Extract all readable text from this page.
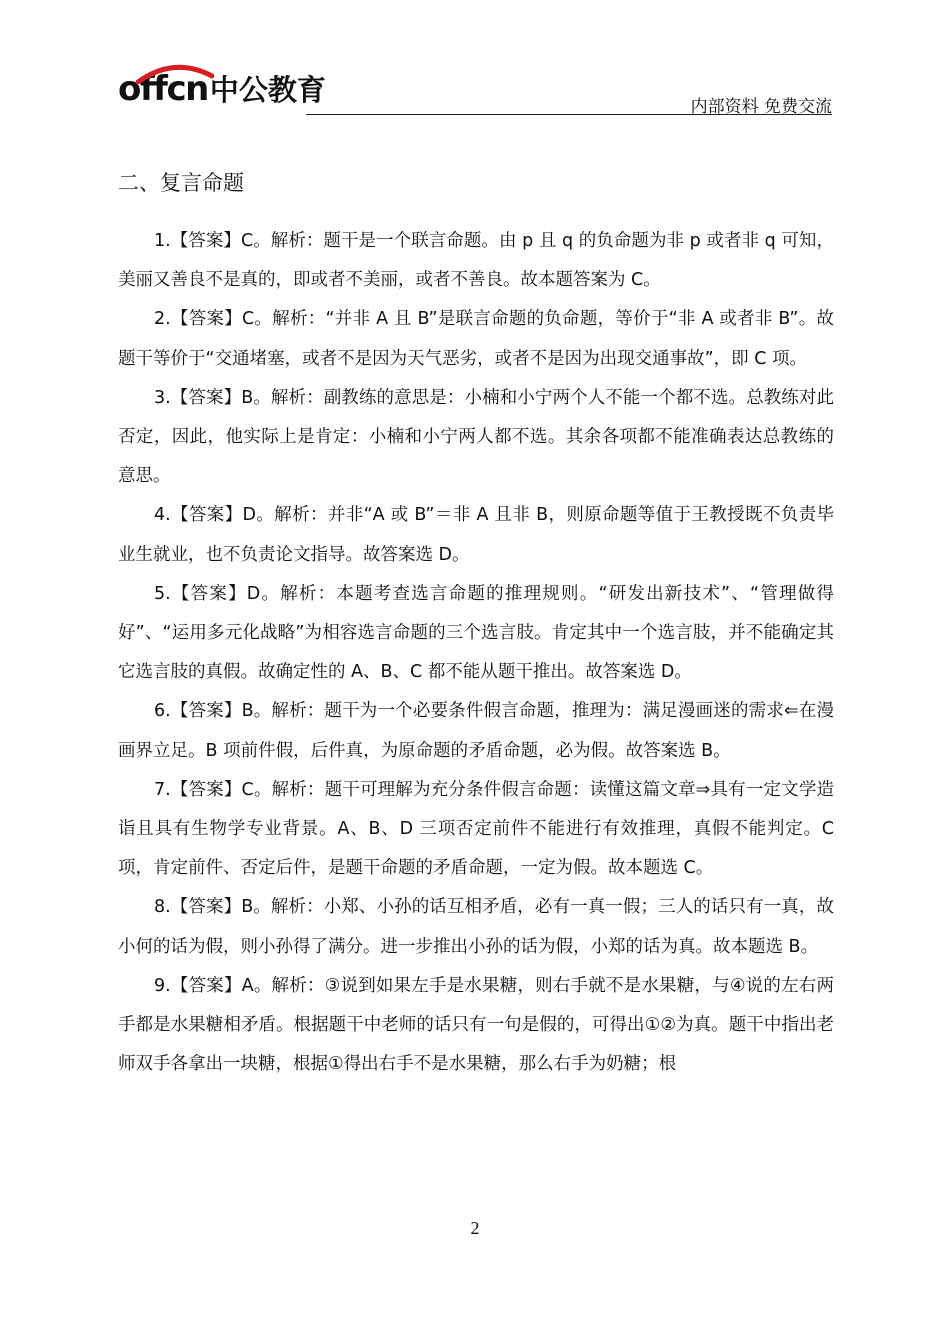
offcn中公教育	内部资料 免费交流
二、复言命题

1.【答案】C。解析：题干是一个联言命题。由 p 且 q 的负命题为非 p 或者非 q 可知，美丽又善良不是真的，即或者不美丽，或者不善良。故本题答案为 C。

2.【答案】C。解析：“并非 A 且 B”是联言命题的负命题，等价于“非 A 或者非 B”。故题干等价于“交通堵塞，或者不是因为天气恶劣，或者不是因为出现交通事故”，即 C 项。

3.【答案】B。解析：副教练的意思是：小楠和小宁两个人不能一个都不选。总教练对此否定，因此，他实际上是肯定：小楠和小宁两人都不选。其余各项都不能准确表达总教练的意思。

4.【答案】D。解析：并非“A 或 B”＝非 A 且非 B，则原命题等值于王教授既不负责毕业生就业，也不负责论文指导。故答案选 D。

5.【答案】D。解析：本题考查选言命题的推理规则。“研发出新技术”、“管理做得好”、“运用多元化战略”为相容选言命题的三个选言肢。肯定其中一个选言肢，并不能确定其它选言肢的真假。故确定性的 A、B、C 都不能从题干推出。故答案选 D。

6.【答案】B。解析：题干为一个必要条件假言命题，推理为：满足漫画迷的需求⇐在漫画界立足。B 项前件假，后件真，为原命题的矛盾命题，必为假。故答案选 B。

7.【答案】C。解析：题干可理解为充分条件假言命题：读懂这篇文章⇒具有一定文学造诣且具有生物学专业背景。A、B、D 三项否定前件不能进行有效推理，真假不能判定。C 项，肯定前件、否定后件，是题干命题的矛盾命题，一定为假。故本题选 C。

8.【答案】B。解析：小郑、小孙的话互相矛盾，必有一真一假；三人的话只有一真，故小何的话为假，则小孙得了满分。进一步推出小孙的话为假，小郑的话为真。故本题选 B。

9.【答案】A。解析：③说到如果左手是水果糖，则右手就不是水果糖，与④说的左右两手都是水果糖相矛盾。根据题干中老师的话只有一句是假的，可得出①②为真。题干中指出老师双手各拿出一块糖，根据①得出右手不是水果糖，那么右手为奶糖；根

2
